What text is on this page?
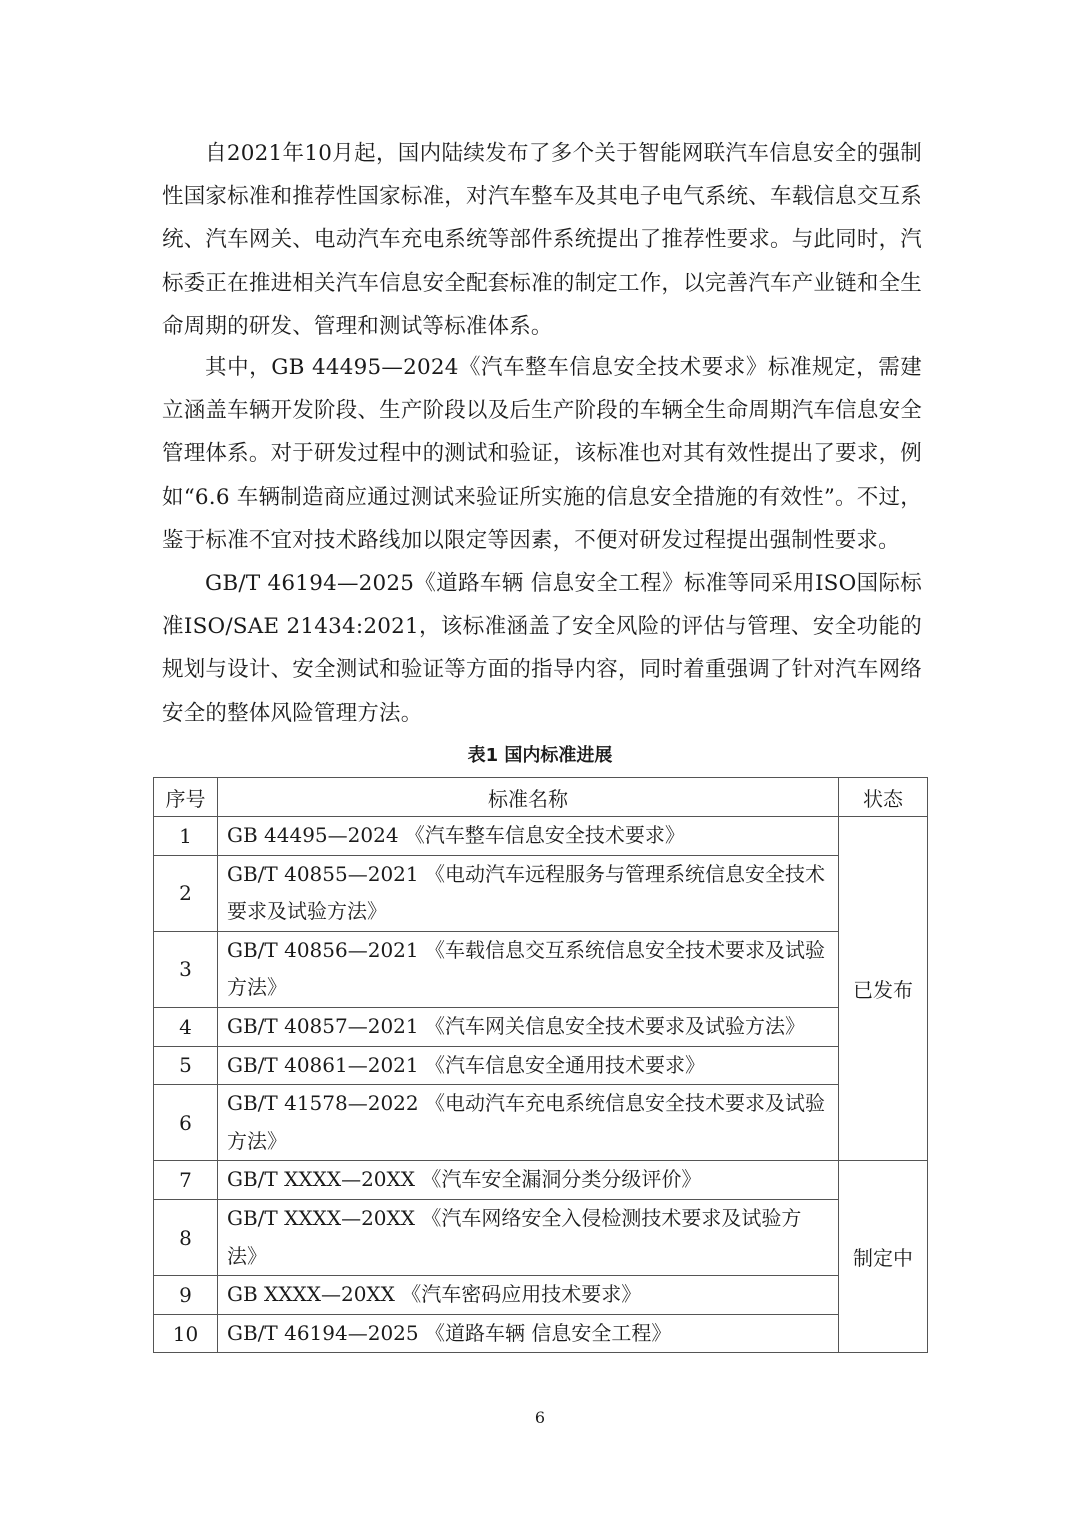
自2021年10月起，国内陆续发布了多个关于智能网联汽车信息安全的强制性国家标准和推荐性国家标准，对汽车整车及其电子电气系统、车载信息交互系统、汽车网关、电动汽车充电系统等部件系统提出了推荐性要求。与此同时，汽标委正在推进相关汽车信息安全配套标准的制定工作，以完善汽车产业链和全生命周期的研发、管理和测试等标准体系。

其中，GB 44495—2024《汽车整车信息安全技术要求》标准规定，需建立涵盖车辆开发阶段、生产阶段以及后生产阶段的车辆全生命周期汽车信息安全管理体系。对于研发过程中的测试和验证，该标准也对其有效性提出了要求，例如“6.6 车辆制造商应通过测试来验证所实施的信息安全措施的有效性”。不过，鉴于标准不宜对技术路线加以限定等因素，不便对研发过程提出强制性要求。

GB/T 46194—2025《道路车辆 信息安全工程》标准等同采用ISO国际标准ISO/SAE 21434:2021，该标准涵盖了安全风险的评估与管理、安全功能的规划与设计、安全测试和验证等方面的指导内容，同时着重强调了针对汽车网络安全的整体风险管理方法。

表1 国内标准进展
序号	标准名称	状态
1	GB 44495—2024 《汽车整车信息安全技术要求》	已发布
2	GB/T 40855—2021 《电动汽车远程服务与管理系统信息安全技术要求及试验方法》	
3	GB/T 40856—2021 《车载信息交互系统信息安全技术要求及试验方法》	
4	GB/T 40857—2021 《汽车网关信息安全技术要求及试验方法》	
5	GB/T 40861—2021 《汽车信息安全通用技术要求》	
6	GB/T 41578—2022 《电动汽车充电系统信息安全技术要求及试验方法》	
7	GB/T XXXX—20XX 《汽车安全漏洞分类分级评价》	制定中
8	GB/T XXXX—20XX 《汽车网络安全入侵检测技术要求及试验方法》	
9	GB XXXX—20XX 《汽车密码应用技术要求》	
10	GB/T 46194—2025 《道路车辆 信息安全工程》	
6
